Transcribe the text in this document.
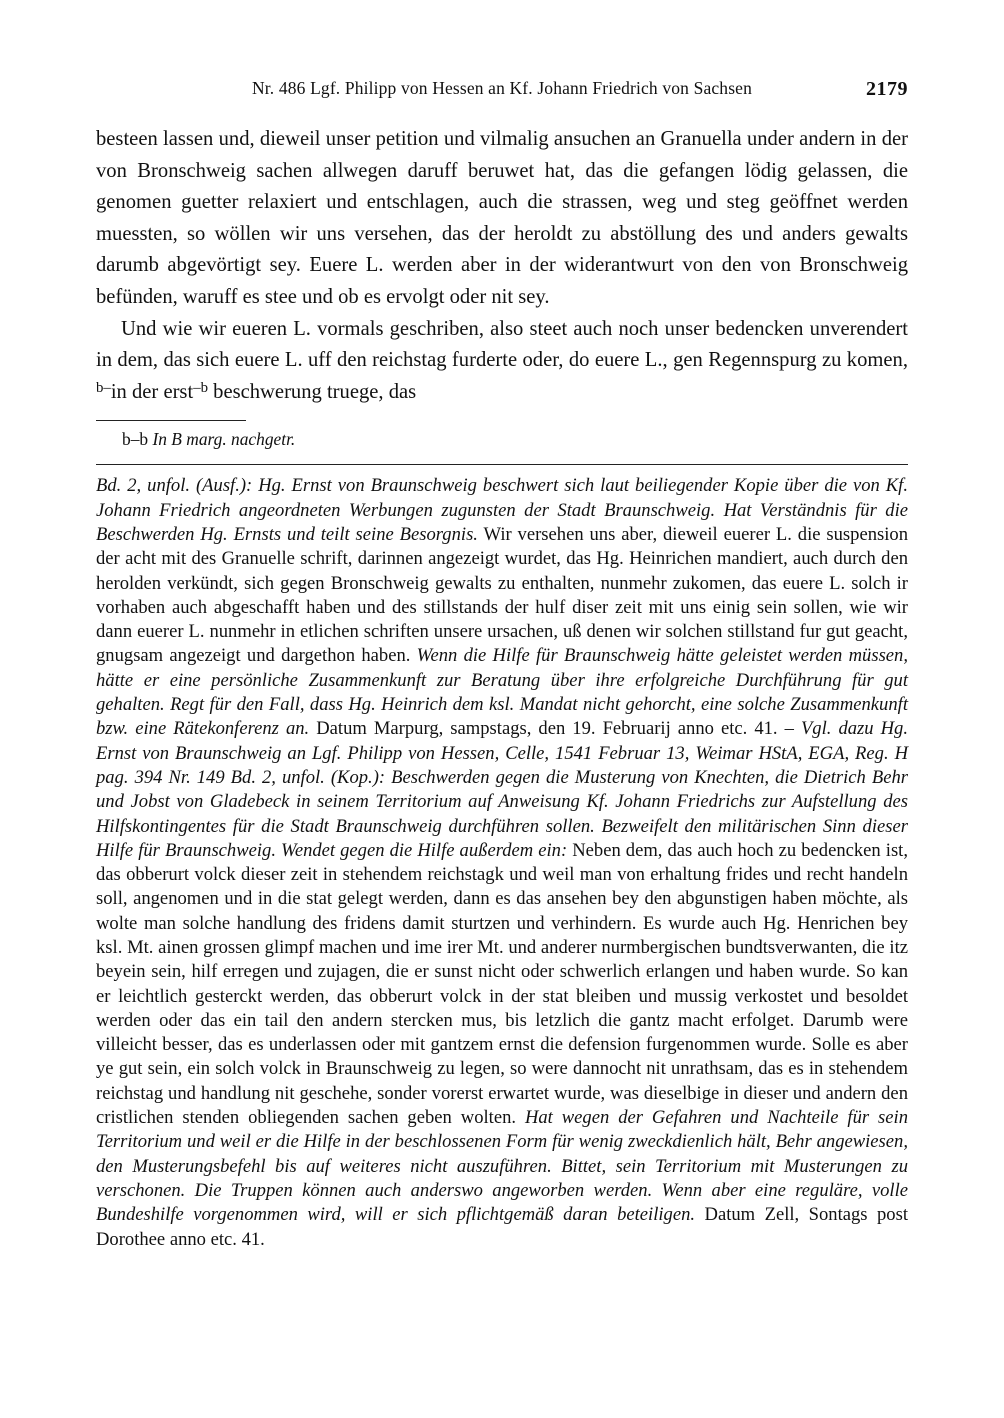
Nr. 486 Lgf. Philipp von Hessen an Kf. Johann Friedrich von Sachsen	2179

besteen lassen und, dieweil unser petition und vilmalig ansuchen an Granuella under andern in der von Bronschweig sachen allwegen daruff beruwet hat, das die gefangen lödig gelassen, die genomen guetter relaxiert und entschlagen, auch die strassen, weg und steg geöffnet werden muessten, so wöllen wir uns versehen, das der heroldt zu abstöllung des und anders gewalts darumb abgevörtigt sey. Euere L. werden aber in der widerantwurt von den von Bronschweig befünden, waruff es stee und ob es ervolgt oder nit sey.

Und wie wir eueren L. vormals geschriben, also steet auch noch unser bedencken unverendert in dem, das sich euere L. uff den reichstag furderte oder, do euere L., gen Regennspurg zu komen, $^{b-}$in der erst$^{-b}$ beschwerung truege, das

b–b In B marg. nachgetr.
Bd. 2, unfol. (Ausf.): Hg. Ernst von Braunschweig beschwert sich laut beiliegender Kopie über die von Kf. Johann Friedrich angeordneten Werbungen zugunsten der Stadt Braunschweig. Hat Verständnis für die Beschwerden Hg. Ernsts und teilt seine Besorgnis. Wir versehen uns aber, dieweil euerer L. die suspension der acht mit des Granuelle schrift, darinnen angezeigt wurdet, das Hg. Heinrichen mandiert, auch durch den herolden verkündt, sich gegen Bronschweig gewalts zu enthalten, nunmehr zukomen, das euere L. solch ir vorhaben auch abgeschafft haben und des stillstands der hulf diser zeit mit uns einig sein sollen, wie wir dann euerer L. nunmehr in etlichen schriften unsere ursachen, uß denen wir solchen stillstand fur gut geacht, gnugsam angezeigt und dargethon haben. Wenn die Hilfe für Braunschweig hätte geleistet werden müssen, hätte er eine persönliche Zusammenkunft zur Beratung über ihre erfolgreiche Durchführung für gut gehalten. Regt für den Fall, dass Hg. Heinrich dem ksl. Mandat nicht gehorcht, eine solche Zusammenkunft bzw. eine Rätekonferenz an. Datum Marpurg, sampstags, den 19. Februarij anno etc. 41. – Vgl. dazu Hg. Ernst von Braunschweig an Lgf. Philipp von Hessen, Celle, 1541 Februar 13, Weimar HStA, EGA, Reg. H pag. 394 Nr. 149 Bd. 2, unfol. (Kop.): Beschwerden gegen die Musterung von Knechten, die Dietrich Behr und Jobst von Gladebeck in seinem Territorium auf Anweisung Kf. Johann Friedrichs zur Aufstellung des Hilfskontingentes für die Stadt Braunschweig durchführen sollen. Bezweifelt den militärischen Sinn dieser Hilfe für Braunschweig. Wendet gegen die Hilfe außerdem ein: Neben dem, das auch hoch zu bedencken ist, das obberurt volck dieser zeit in stehendem reichstagk und weil man von erhaltung frides und recht handeln soll, angenomen und in die stat gelegt werden, dann es das ansehen bey den abgunstigen haben möchte, als wolte man solche handlung des fridens damit sturtzen und verhindern. Es wurde auch Hg. Henrichen bey ksl. Mt. ainen grossen glimpf machen und ime irer Mt. und anderer nurmbergischen bundtsverwanten, die itz beyein sein, hilf erregen und zujagen, die er sunst nicht oder schwerlich erlangen und haben wurde. So kan er leichtlich gesterckt werden, das obberurt volck in der stat bleiben und mussig verkostet und besoldet werden oder das ein tail den andern stercken mus, bis letzlich die gantz macht erfolget. Darumb were villeicht besser, das es underlassen oder mit gantzem ernst die defension furgenommen wurde. Solle es aber ye gut sein, ein solch volck in Braunschweig zu legen, so were dannocht nit unrathsam, das es in stehendem reichstag und handlung nit geschehe, sonder vorerst erwartet wurde, was dieselbige in dieser und andern den cristlichen stenden obliegenden sachen geben wolten. Hat wegen der Gefahren und Nachteile für sein Territorium und weil er die Hilfe in der beschlossenen Form für wenig zweckdienlich hält, Behr angewiesen, den Musterungsbefehl bis auf weiteres nicht auszuführen. Bittet, sein Territorium mit Musterungen zu verschonen. Die Truppen können auch anderswo angeworben werden. Wenn aber eine reguläre, volle Bundeshilfe vorgenommen wird, will er sich pflichtgemäß daran beteiligen. Datum Zell, Sontags post Dorothee anno etc. 41.
